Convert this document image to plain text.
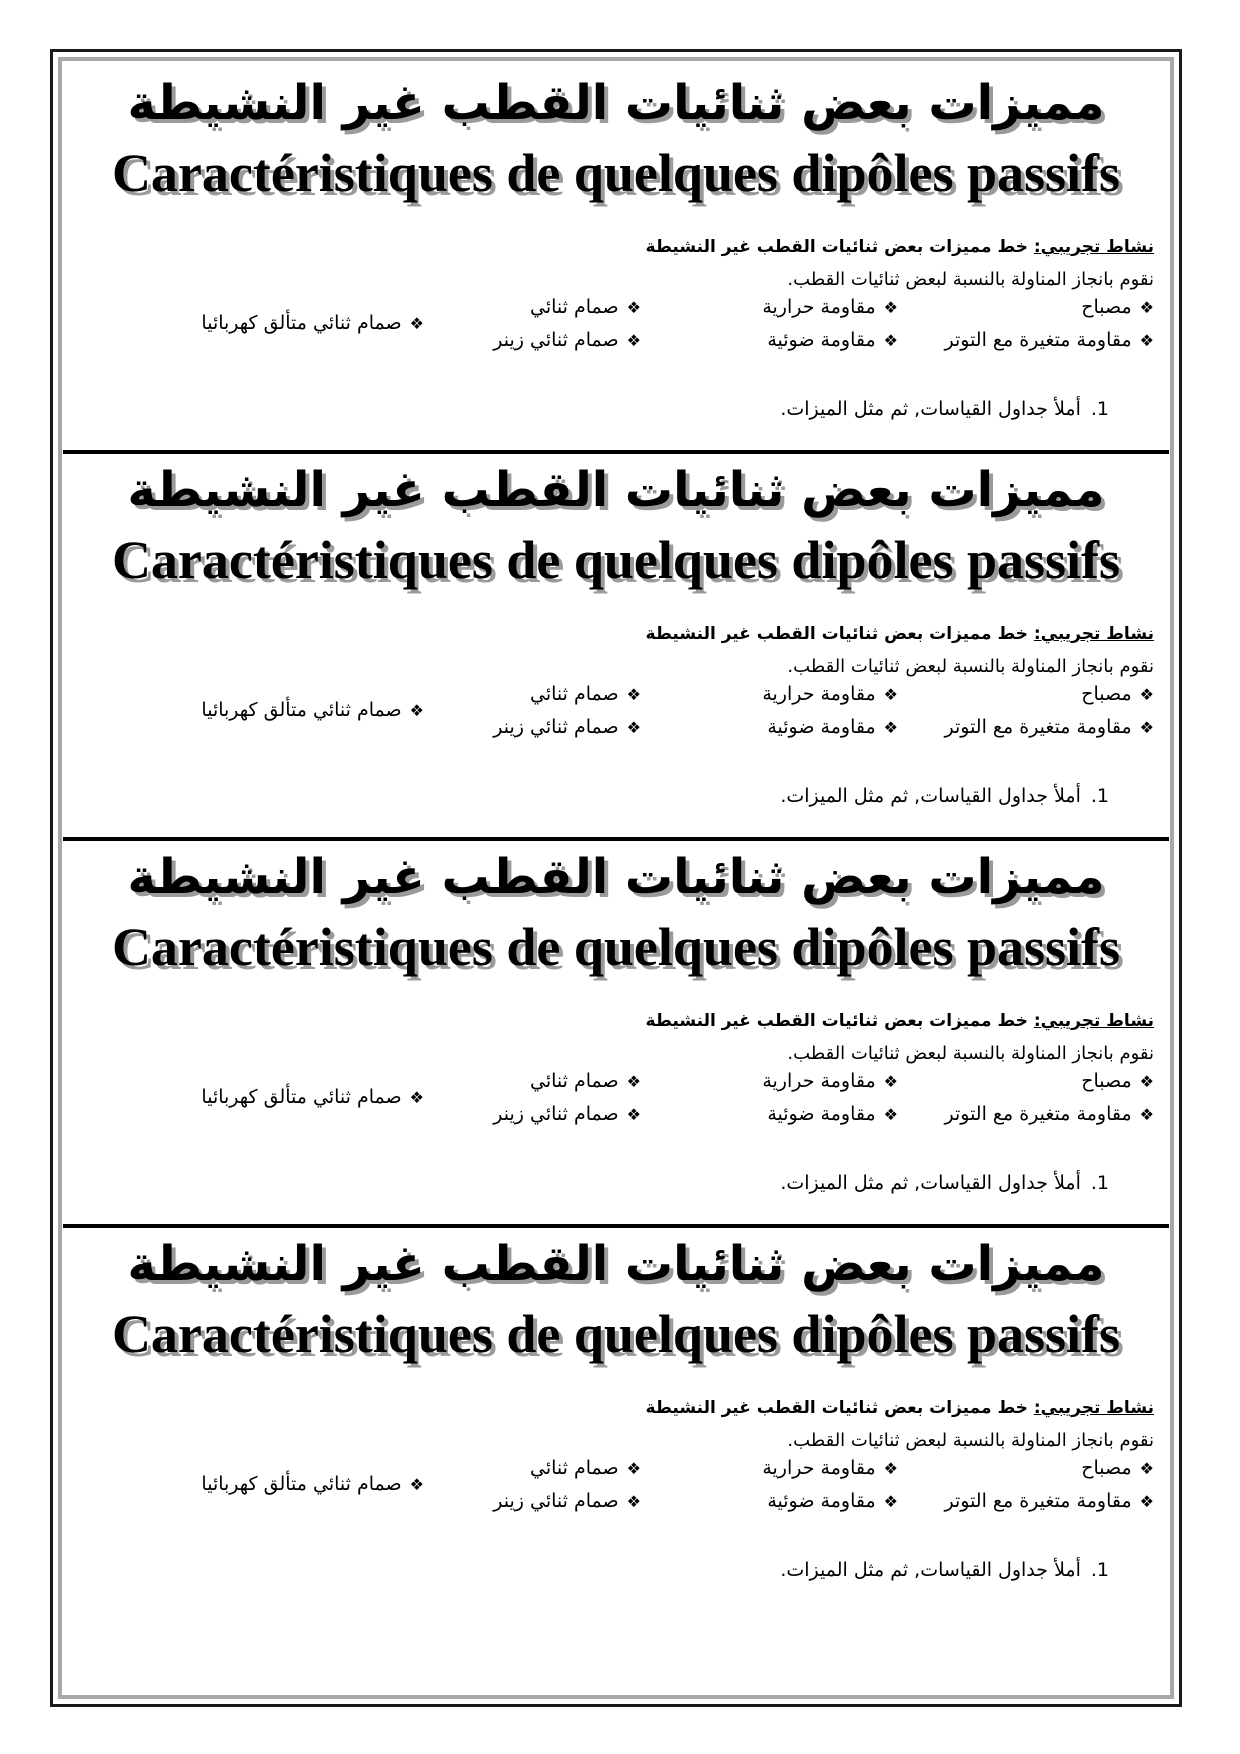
مميزات بعض ثنائيات القطب غير النشيطة
Caractéristiques de quelques dipôles passifs
نشاط تجريبي: خط مميزات بعض ثنائيات القطب غير النشيطة
نقوم بانجاز المناولة بالنسبة لبعض ثنائيات القطب.
❖مصباح
❖مقاومة متغيرة مع التوتر
❖مقاومة حرارية
❖مقاومة ضوئية
❖صمام ثنائي
❖صمام ثنائي زينر
❖صمام ثنائي متألق كهربائيا
1.أملأ جداول القياسات, ثم مثل الميزات.
مميزات بعض ثنائيات القطب غير النشيطة
Caractéristiques de quelques dipôles passifs
نشاط تجريبي: خط مميزات بعض ثنائيات القطب غير النشيطة
نقوم بانجاز المناولة بالنسبة لبعض ثنائيات القطب.
❖مصباح
❖مقاومة متغيرة مع التوتر
❖مقاومة حرارية
❖مقاومة ضوئية
❖صمام ثنائي
❖صمام ثنائي زينر
❖صمام ثنائي متألق كهربائيا
1.أملأ جداول القياسات, ثم مثل الميزات.
مميزات بعض ثنائيات القطب غير النشيطة
Caractéristiques de quelques dipôles passifs
نشاط تجريبي: خط مميزات بعض ثنائيات القطب غير النشيطة
نقوم بانجاز المناولة بالنسبة لبعض ثنائيات القطب.
❖مصباح
❖مقاومة متغيرة مع التوتر
❖مقاومة حرارية
❖مقاومة ضوئية
❖صمام ثنائي
❖صمام ثنائي زينر
❖صمام ثنائي متألق كهربائيا
1.أملأ جداول القياسات, ثم مثل الميزات.
مميزات بعض ثنائيات القطب غير النشيطة
Caractéristiques de quelques dipôles passifs
نشاط تجريبي: خط مميزات بعض ثنائيات القطب غير النشيطة
نقوم بانجاز المناولة بالنسبة لبعض ثنائيات القطب.
❖مصباح
❖مقاومة متغيرة مع التوتر
❖مقاومة حرارية
❖مقاومة ضوئية
❖صمام ثنائي
❖صمام ثنائي زينر
❖صمام ثنائي متألق كهربائيا
1.أملأ جداول القياسات, ثم مثل الميزات.
